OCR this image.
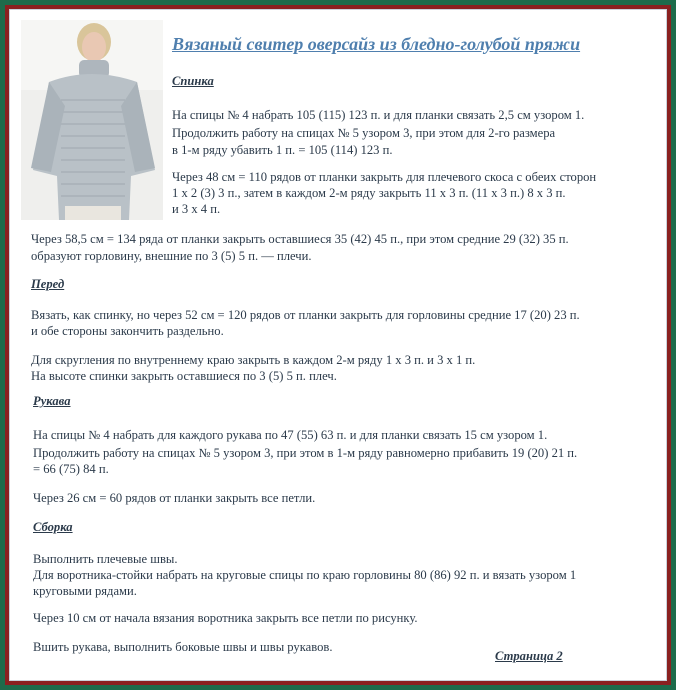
Вязаный свитер оверсайз из бледно-голубой пряжи
Спинка
На спицы № 4 набрать 105 (115) 123 п. и для планки связать 2,5 см узором 1.
Продолжить работу на спицах № 5 узором 3, при этом для 2-го размера
в 1-м ряду убавить 1 п. = 105 (114) 123 п.
Через 48 см = 110 рядов от планки закрыть для плечевого скоса с обеих сторон
1 х 2 (3) 3 п., затем в каждом 2-м ряду закрыть 11 х 3 п. (11 х 3 п.) 8 х 3 п.
и 3 х 4 п.
Через 58,5 см = 134 ряда от планки закрыть оставшиеся 35 (42) 45 п., при этом средние 29 (32) 35 п.
образуют горловину, внешние по 3 (5) 5 п. — плечи.
Перед
Вязать, как спинку, но через 52 см = 120 рядов от планки закрыть для горловины средние 17 (20) 23 п.
и обе стороны закончить раздельно.
Для скругления по внутреннему краю закрыть в каждом 2-м ряду 1 х 3 п. и 3 х 1 п.
На высоте спинки закрыть оставшиеся по 3 (5) 5 п. плеч.
Рукава
На спицы № 4 набрать для каждого рукава по 47 (55) 63 п. и для планки связать 15 см узором 1.
Продолжить работу на спицах № 5 узором 3, при этом в 1-м ряду равномерно прибавить 19 (20) 21 п.
= 66 (75) 84 п.
Через 26 см = 60 рядов от планки закрыть все петли.
Сборка
Выполнить плечевые швы.
Для воротника-стойки набрать на круговые спицы по краю горловины 80 (86) 92 п. и вязать узором 1
круговыми рядами.
Через 10 см от начала вязания воротника закрыть все петли по рисунку.
Вшить рукава, выполнить боковые швы и швы рукавов.
Страница 2
